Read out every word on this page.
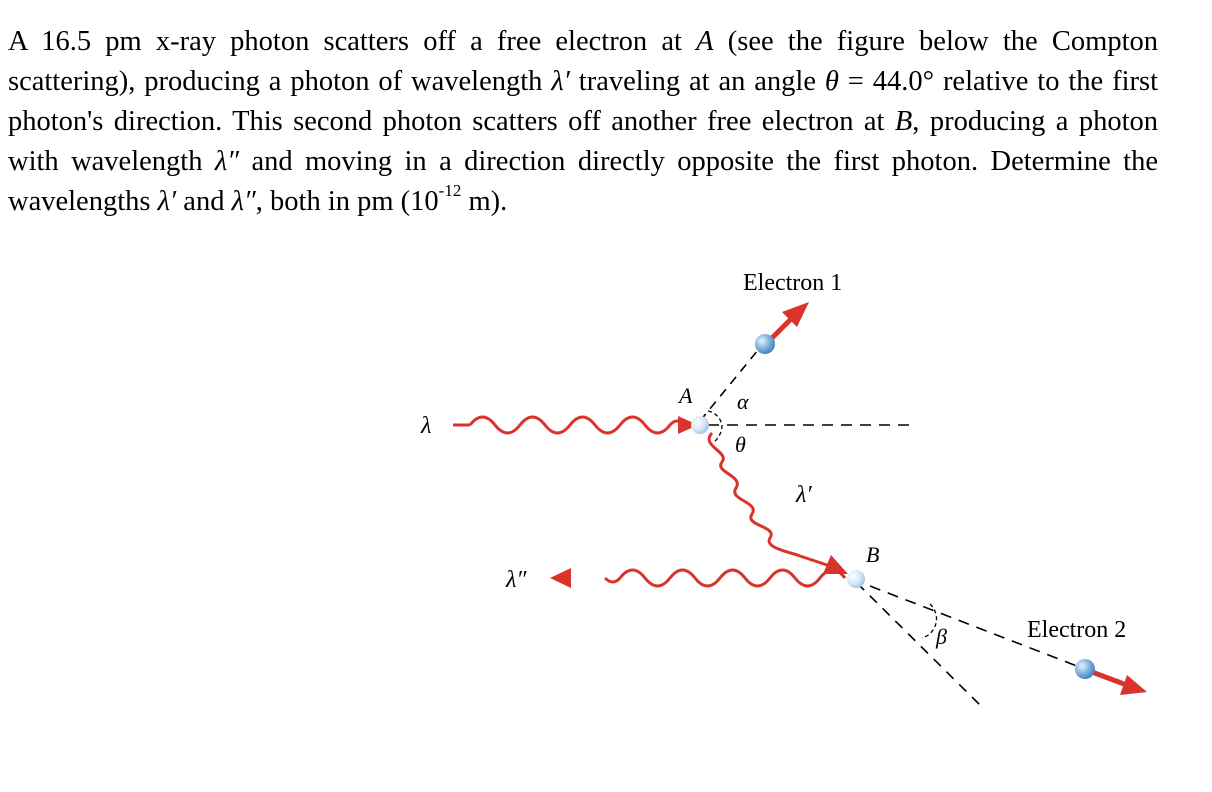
A 16.5 pm x-ray photon scatters off a free electron at A (see the figure below the Compton scattering), producing a photon of wavelength λ′ traveling at an angle θ = 44.0° relative to the first photon's direction. This second photon scatters off another free electron at B, producing a photon with wavelength λ″ and moving in a direction directly opposite the first photon. Determine the wavelengths λ′ and λ″, both in pm ($10^{-12}$ m).

Electron 1
Electron 2
A
B
α
θ
β
λ
λ′
λ″
